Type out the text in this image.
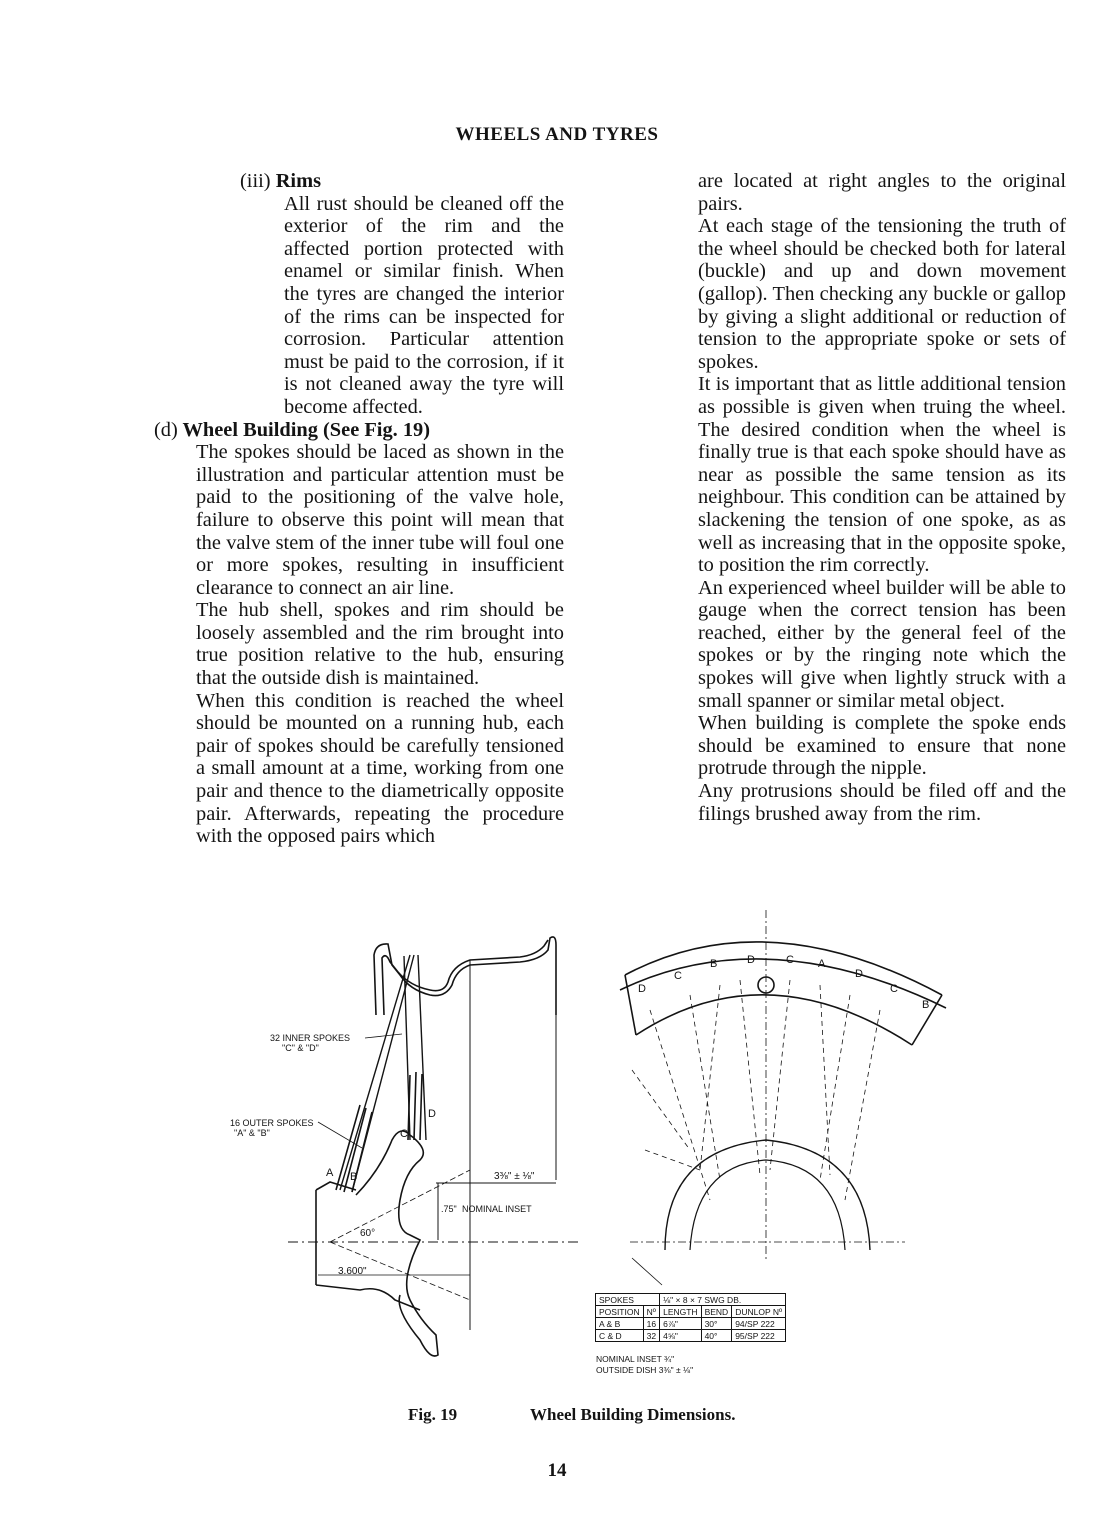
WHEELS AND TYRES
(iii) Rims

All rust should be cleaned off the exterior of the rim and the affected portion protected with enamel or similar finish. When the tyres are changed the interior of the rims can be inspected for corrosion. Particular attention must be paid to the corrosion, if it is not cleaned away the tyre will become affected.

(d) Wheel Building (See Fig. 19)

The spokes should be laced as shown in the illustration and particular attention must be paid to the positioning of the valve hole, failure to observe this point will mean that the valve stem of the inner tube will foul one or more spokes, resulting in insufficient clearance to connect an air line.

The hub shell, spokes and rim should be loosely assembled and the rim brought into true position relative to the hub, ensuring that the outside dish is maintained.

When this condition is reached the wheel should be mounted on a running hub, each pair of spokes should be carefully tensioned a small amount at a time, working from one pair and thence to the diametrically opposite pair. Afterwards, repeating the procedure with the opposed pairs which

are located at right angles to the original pairs.

At each stage of the tensioning the truth of the wheel should be checked both for lateral (buckle) and up and down movement (gallop). Then checking any buckle or gallop by giving a slight additional or reduction of tension to the appropriate spoke or sets of spokes.

It is important that as little additional tension as possible is given when truing the wheel. The desired condition when the wheel is finally true is that each spoke should have as near as possible the same tension as its neighbour. This condition can be attained by slackening the tension of one spoke, as as well as increasing that in the opposite spoke, to position the rim correctly.

An experienced wheel builder will be able to gauge when the correct tension has been reached, either by the general feel of the spokes or by the ringing note which the spokes will give when lightly struck with a small spanner or similar metal object.

When building is complete the spoke ends should be examined to ensure that none protrude through the nipple.

Any protrusions should be filed off and the filings brushed away from the rim.

32 INNER SPOKES
"C" & "D"
16 OUTER SPOKES
"A" & "B"
A B
C
D
3⅜" ± ⅛"
.75" NOMINAL INSET
60°
3.600"
D
C
B	D	C A
D
C
B
SPOKES		⅛" × 8 × 7 SWG DB.		
POSITION	Nº	LENGTH	BEND	DUNLOP Nº
A & B	16	6⅞"	30°	94/SP 222
C & D	32	4⅝"	40°	95/SP 222
NOMINAL INSET ¾"
OUTSIDE DISH 3⅜" ± ⅛"
Fig. 19	Wheel Building Dimensions.
14
